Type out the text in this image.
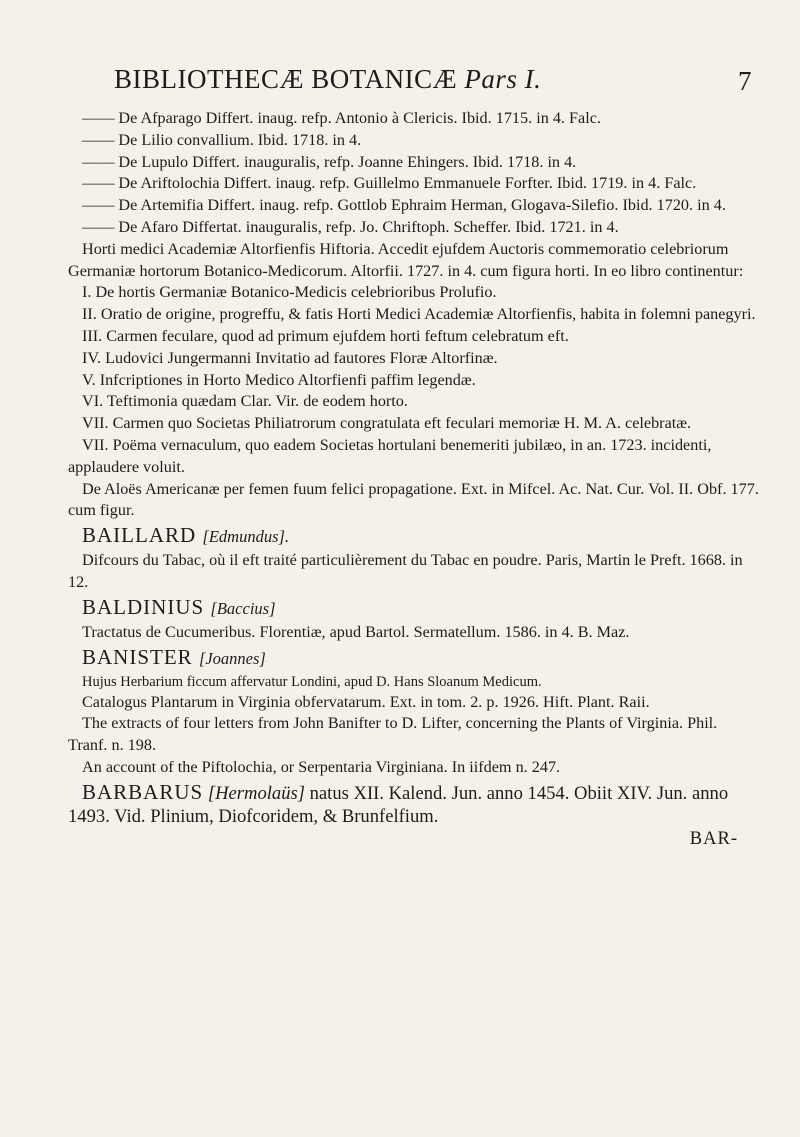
BIBLIOTHECÆ BOTANICÆ Pars I.	7

—— De Afparago Differt. inaug. refp. Antonio à Clericis. Ibid. 1715. in 4. Falc.

—— De Lilio convallium. Ibid. 1718. in 4.

—— De Lupulo Differt. inauguralis, refp. Joanne Ehingers. Ibid. 1718. in 4.

—— De Ariftolochia Differt. inaug. refp. Guillelmo Emmanuele Forfter. Ibid. 1719. in 4. Falc.

—— De Artemifia Differt. inaug. refp. Gottlob Ephraim Herman, Glogava-Silefio. Ibid. 1720. in 4.

—— De Afaro Differtat. inauguralis, refp. Jo. Chriftoph. Scheffer. Ibid. 1721. in 4.

Horti medici Academiæ Altorfienfis Hiftoria. Accedit ejufdem Auctoris commemoratio celebriorum Germaniæ hortorum Botanico-Medicorum. Altorfii. 1727. in 4. cum figura horti. In eo libro continentur:

I. De hortis Germaniæ Botanico-Medicis celebrioribus Prolufio.

II. Oratio de origine, progreffu, & fatis Horti Medici Academiæ Altorfienfis, habita in folemni panegyri.

III. Carmen feculare, quod ad primum ejufdem horti feftum celebratum eft.

IV. Ludovici Jungermanni Invitatio ad fautores Floræ Altorfinæ.

V. Infcriptiones in Horto Medico Altorfienfi paffim legendæ.

VI. Teftimonia quædam Clar. Vir. de eodem horto.

VII. Carmen quo Societas Philiatrorum congratulata eft feculari memoriæ H. M. A. celebratæ.

VII. Poëma vernaculum, quo eadem Societas hortulani benemeriti jubilæo, in an. 1723. incidenti, applaudere voluit.

De Aloës Americanæ per femen fuum felici propagatione. Ext. in Mifcel. Ac. Nat. Cur. Vol. II. Obf. 177. cum figur.

BAILLARD [Edmundus].

Difcours du Tabac, où il eft traité particulièrement du Tabac en poudre. Paris, Martin le Preft. 1668. in 12.

BALDINIUS [Baccius]

Tractatus de Cucumeribus. Florentiæ, apud Bartol. Sermatellum. 1586. in 4. B. Maz.

BANISTER [Joannes]

Hujus Herbarium ficcum affervatur Londini, apud D. Hans Sloanum Medicum.

Catalogus Plantarum in Virginia obfervatarum. Ext. in tom. 2. p. 1926. Hift. Plant. Raii.

The extracts of four letters from John Banifter to D. Lifter, concerning the Plants of Virginia. Phil. Tranf. n. 198.

An account of the Piftolochia, or Serpentaria Virginiana. In iifdem n. 247.

BARBARUS [Hermolaüs] natus XII. Kalend. Jun. anno 1454. Obiit XIV. Jun. anno 1493. Vid. Plinium, Diofcoridem, & Brunfelfium.

BAR-
